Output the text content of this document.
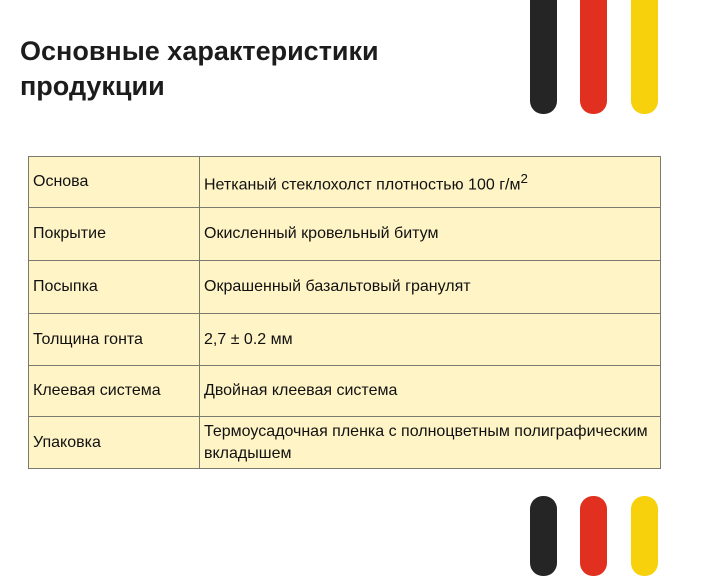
Основные характеристики
продукции
Основа	Нетканый стеклохолст плотностью 100 $г/м^2$
Покрытие	Окисленный кровельный битум
Посыпка	Окрашенный базальтовый гранулят
Толщина гонта	2,7 ± 0.2 мм
Клеевая система	Двойная клеевая система
Упаковка	Термоусадочная пленка с полноцветным полиграфическим вкладышем
